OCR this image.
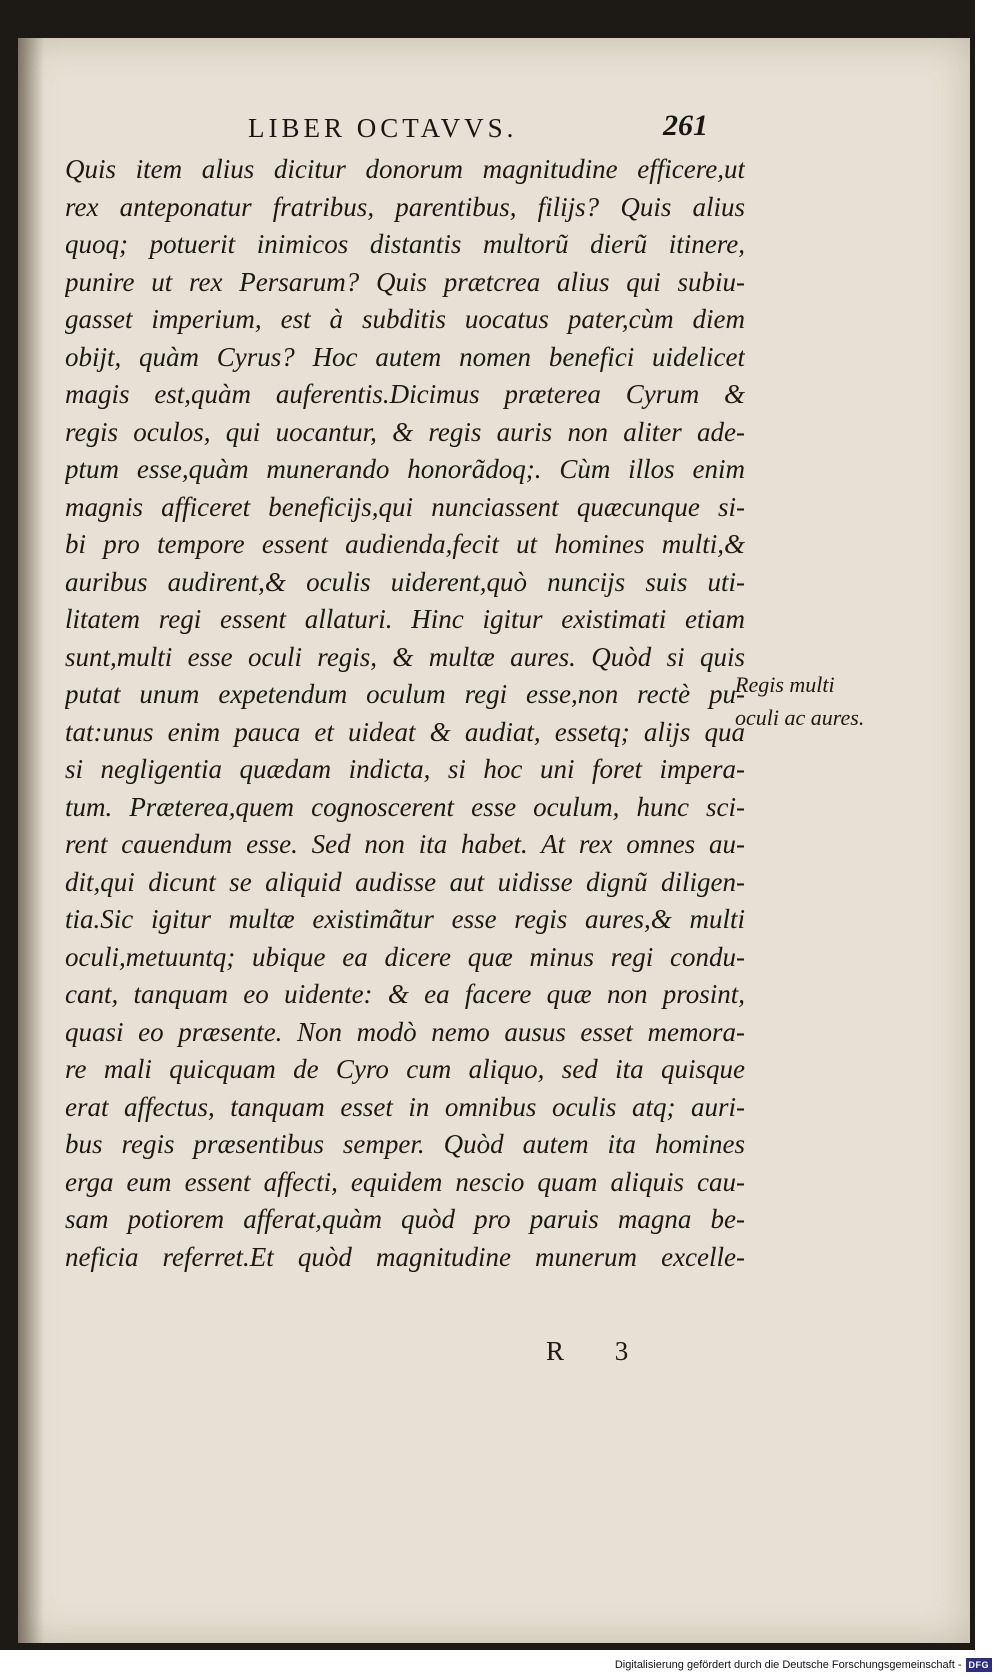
LIBER OCTAVVS.	261
Quis item alius dicitur donorum magnitudine efficere,ut
rex anteponatur fratribus, parentibus, filijs? Quis alius
quoq; potuerit inimicos distantis multorũ dierũ itinere,
punire ut rex Persarum? Quis prætcrea alius qui subiu-
gasset imperium, est à subditis uocatus pater,cùm diem
obijt, quàm Cyrus? Hoc autem nomen benefici uidelicet
magis est,quàm auferentis.Dicimus præterea Cyrum &
regis oculos, qui uocantur, & regis auris non aliter ade-
ptum esse,quàm munerando honorãdoq;. Cùm illos enim
magnis afficeret beneficijs,qui nunciassent quæcunque si-
bi pro tempore essent audienda,fecit ut homines multi,&
auribus audirent,& oculis uiderent,quò nuncijs suis uti-
litatem regi essent allaturi. Hinc igitur existimati etiam
sunt,multi esse oculi regis, & multæ aures. Quòd si quis
putat unum expetendum oculum regi esse,non rectè pu-
tat:unus enim pauca et uideat & audiat, essetq; alijs qua
si negligentia quædam indicta, si hoc uni foret impera-
tum. Præterea,quem cognoscerent esse oculum, hunc sci-
rent cauendum esse. Sed non ita habet. At rex omnes au-
dit,qui dicunt se aliquid audisse aut uidisse dignũ diligen-
tia.Sic igitur multæ existimãtur esse regis aures,& multi
oculi,metuuntq; ubique ea dicere quæ minus regi condu-
cant, tanquam eo uidente: & ea facere quæ non prosint,
quasi eo præsente. Non modò nemo ausus esset memora-
re mali quicquam de Cyro cum aliquo, sed ita quisque
erat affectus, tanquam esset in omnibus oculis atq; auri-
bus regis præsentibus semper. Quòd autem ita homines
erga eum essent affecti, equidem nescio quam aliquis cau-
sam potiorem afferat,quàm quòd pro paruis magna be-
neficia referret.Et quòd magnitudine munerum excelle-
Regis multi
oculi ac aures.
R 3
Digitalisierung gefördert durch die Deutsche Forschungsgemeinschaft - DFG
